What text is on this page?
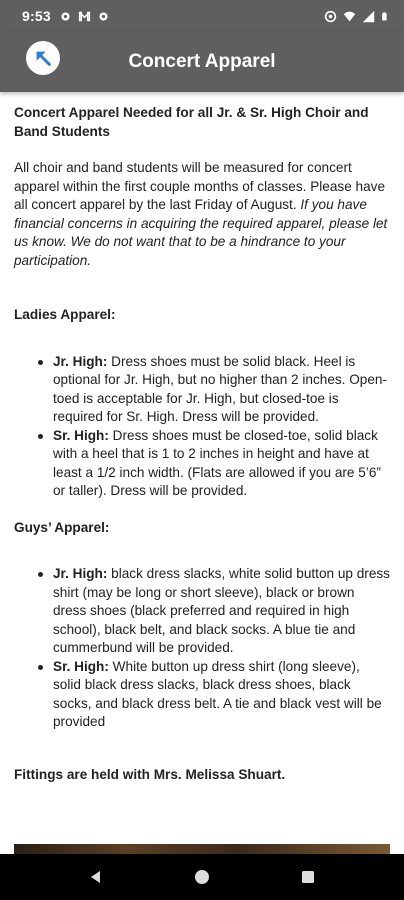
9:53
Concert Apparel

Concert Apparel Needed for all Jr. & Sr. High Choir and Band Students

All choir and band students will be measured for concert apparel within the first couple months of classes. Please have all concert apparel by the last Friday of August. If you have financial concerns in acquiring the required apparel, please let us know. We do not want that to be a hindrance to your participation.

Ladies Apparel:

Jr. High: Dress shoes must be solid black. Heel is optional for Jr. High, but no higher than 2 inches. Open-toed is acceptable for Jr. High, but closed-toe is required for Sr. High. Dress will be provided.
Sr. High: Dress shoes must be closed-toe, solid black with a heel that is 1 to 2 inches in height and have at least a 1/2 inch width. (Flats are allowed if you are 5’6” or taller). Dress will be provided.

Guys’ Apparel:

Jr. High: black dress slacks, white solid button up dress shirt (may be long or short sleeve), black or brown dress shoes (black preferred and required in high school), black belt, and black socks. A blue tie and cummerbund will be provided.
Sr. High: White button up dress shirt (long sleeve), solid black dress slacks, black dress shoes, black socks, and black dress belt. A tie and black vest will be provided

Fittings are held with Mrs. Melissa Shuart.
